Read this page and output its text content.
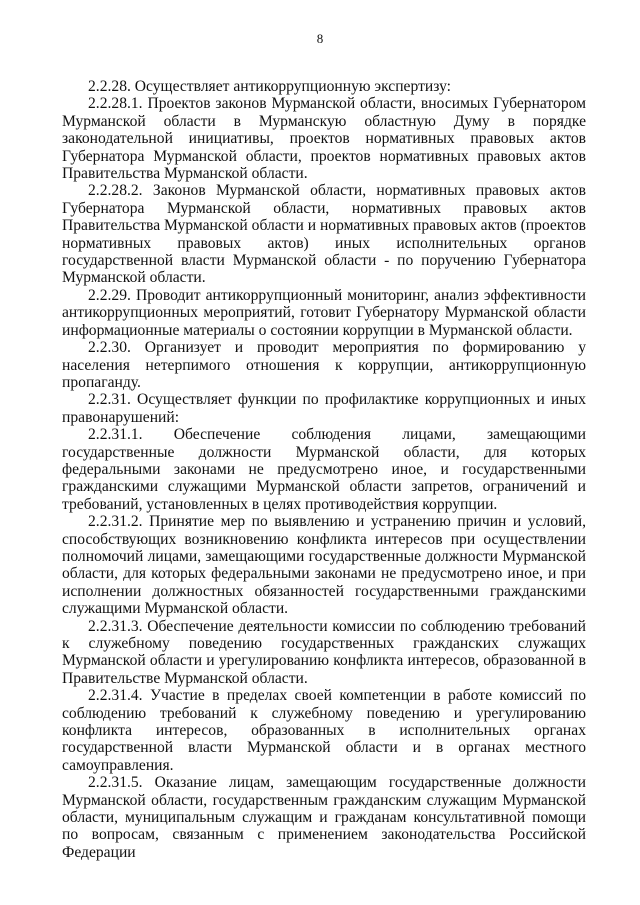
8

2.2.28. Осуществляет антикоррупционную экспертизу:

2.2.28.1. Проектов законов Мурманской области, вносимых Губернатором Мурманской области в Мурманскую областную Думу в порядке законодательной инициативы, проектов нормативных правовых актов Губернатора Мурманской области, проектов нормативных правовых актов Правительства Мурманской области.

2.2.28.2. Законов Мурманской области, нормативных правовых актов Губернатора Мурманской области, нормативных правовых актов Правительства Мурманской области и нормативных правовых актов (проектов нормативных правовых актов) иных исполнительных органов государственной власти Мурманской области - по поручению Губернатора Мурманской области.

2.2.29. Проводит антикоррупционный мониторинг, анализ эффективности антикоррупционных мероприятий, готовит Губернатору Мурманской области информационные материалы о состоянии коррупции в Мурманской области.

2.2.30. Организует и проводит мероприятия по формированию у населения нетерпимого отношения к коррупции, антикоррупционную пропаганду.

2.2.31. Осуществляет функции по профилактике коррупционных и иных правонарушений:

2.2.31.1. Обеспечение соблюдения лицами, замещающими государственные должности Мурманской области, для которых федеральными законами не предусмотрено иное, и государственными гражданскими служащими Мурманской области запретов, ограничений и требований, установленных в целях противодействия коррупции.

2.2.31.2. Принятие мер по выявлению и устранению причин и условий, способствующих возникновению конфликта интересов при осуществлении полномочий лицами, замещающими государственные должности Мурманской области, для которых федеральными законами не предусмотрено иное, и при исполнении должностных обязанностей государственными гражданскими служащими Мурманской области.

2.2.31.3. Обеспечение деятельности комиссии по соблюдению требований к служебному поведению государственных гражданских служащих Мурманской области и урегулированию конфликта интересов, образованной в Правительстве Мурманской области.

2.2.31.4. Участие в пределах своей компетенции в работе комиссий по соблюдению требований к служебному поведению и урегулированию конфликта интересов, образованных в исполнительных органах государственной власти Мурманской области и в органах местного самоуправления.

2.2.31.5. Оказание лицам, замещающим государственные должности Мурманской области, государственным гражданским служащим Мурманской области, муниципальным служащим и гражданам консультативной помощи по вопросам, связанным с применением законодательства Российской Федерации
